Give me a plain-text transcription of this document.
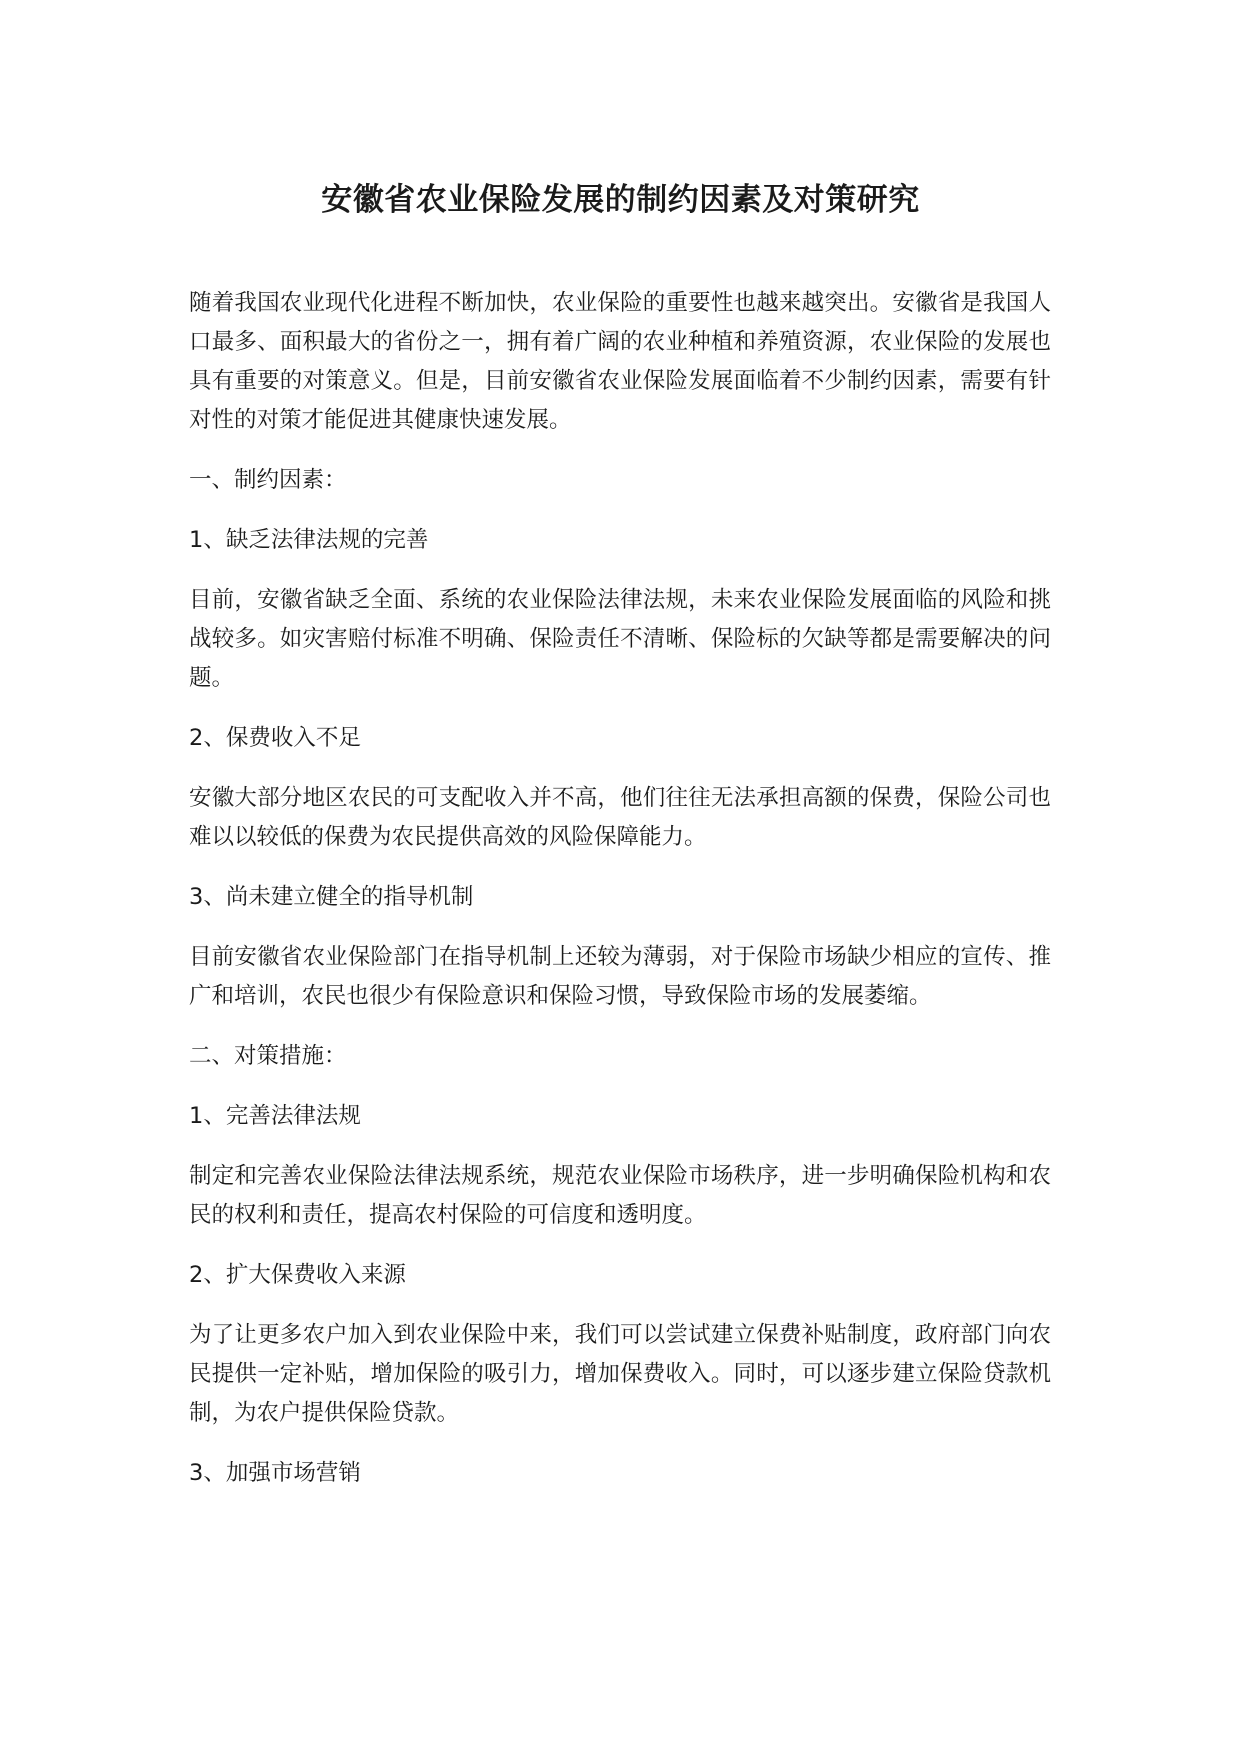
安徽省农业保险发展的制约因素及对策研究

随着我国农业现代化进程不断加快，农业保险的重要性也越来越突出。安徽省是我国人口最多、面积最大的省份之一，拥有着广阔的农业种植和养殖资源，农业保险的发展也具有重要的对策意义。但是，目前安徽省农业保险发展面临着不少制约因素，需要有针对性的对策才能促进其健康快速发展。

一、制约因素：

1、缺乏法律法规的完善

目前，安徽省缺乏全面、系统的农业保险法律法规，未来农业保险发展面临的风险和挑战较多。如灾害赔付标准不明确、保险责任不清晰、保险标的欠缺等都是需要解决的问题。

2、保费收入不足

安徽大部分地区农民的可支配收入并不高，他们往往无法承担高额的保费，保险公司也难以以较低的保费为农民提供高效的风险保障能力。

3、尚未建立健全的指导机制

目前安徽省农业保险部门在指导机制上还较为薄弱，对于保险市场缺少相应的宣传、推广和培训，农民也很少有保险意识和保险习惯，导致保险市场的发展萎缩。

二、对策措施：

1、完善法律法规

制定和完善农业保险法律法规系统，规范农业保险市场秩序，进一步明确保险机构和农民的权利和责任，提高农村保险的可信度和透明度。

2、扩大保费收入来源

为了让更多农户加入到农业保险中来，我们可以尝试建立保费补贴制度，政府部门向农民提供一定补贴，增加保险的吸引力，增加保费收入。同时，可以逐步建立保险贷款机制，为农户提供保险贷款。

3、加强市场营销
